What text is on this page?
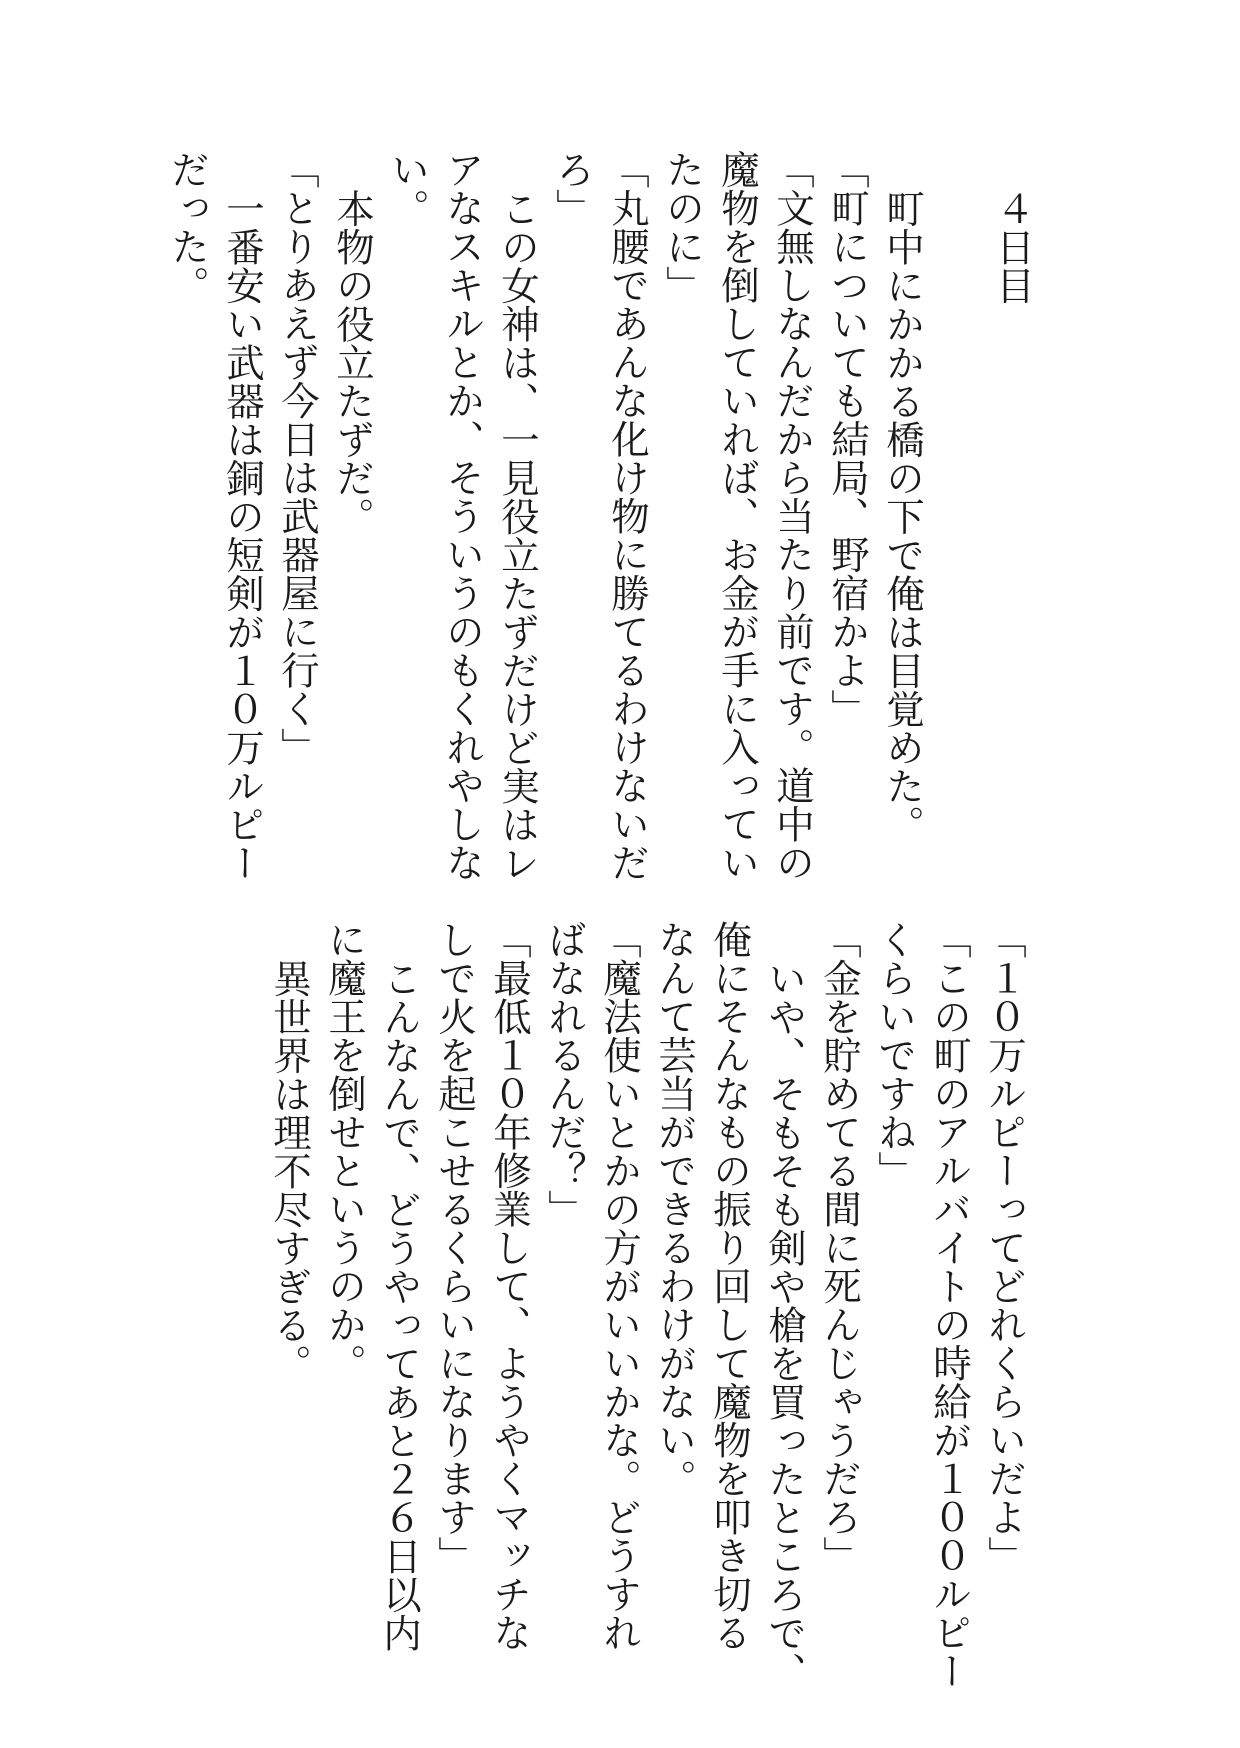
４日目

町中にかかる橋の下で俺は目覚めた。
「町についても結局、野宿かよ」
「文無しなんだから当たり前です。道中の
魔物を倒していれば、お金が手に入ってい
たのに」
「丸腰であんな化け物に勝てるわけないだ
ろ」
この女神は、一見役立たずだけど実はレ
アなスキルとか、そういうのもくれやしな
い。
本物の役立たずだ。
「とりあえず今日は武器屋に行く」
一番安い武器は銅の短剣が１０万ルピー
だった。
「１０万ルピーってどれくらいだよ」
「この町のアルバイトの時給が１００ルピー
くらいですね」
「金を貯めてる間に死んじゃうだろ」
いや、そもそも剣や槍を買ったところで、
俺にそんなもの振り回して魔物を叩き切る
なんて芸当ができるわけがない。
「魔法使いとかの方がいいかな。どうすれ
ばなれるんだ？」
「最低１０年修業して、ようやくマッチな
しで火を起こせるくらいになります」
こんなんで、どうやってあと２６日以内
に魔王を倒せというのか。
異世界は理不尽すぎる。
